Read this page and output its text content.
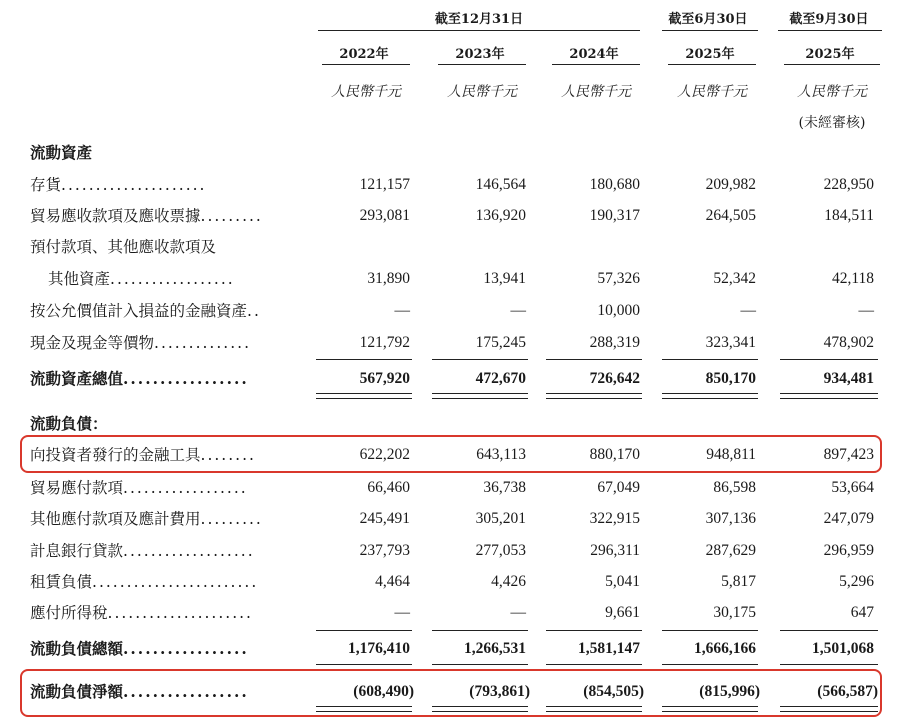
截至12月31日	截至6月30日	截至9月30日
2022年	2023年	2024年	2025年	2025年
人民幣千元	人民幣千元	人民幣千元	人民幣千元	人民幣千元
(未經審核)
流動資產
存貨.....................	121,157	146,564	180,680	209,982	228,950
貿易應收款項及應收票據.........	293,081	136,920	190,317	264,505	184,511
預付款項、其他應收款項及
其他資產..................	31,890	13,941	57,326	52,342	42,118
按公允價值計入損益的金融資產..	—	—	10,000	—	—
現金及現金等價物..............	121,792	175,245	288,319	323,341	478,902
流動資產總值.................	567,920	472,670	726,642	850,170	934,481
流動負債：
向投資者發行的金融工具........	622,202	643,113	880,170	948,811	897,423
貿易應付款項..................	66,460	36,738	67,049	86,598	53,664
其他應付款項及應計費用.........	245,491	305,201	322,915	307,136	247,079
計息銀行貸款...................	237,793	277,053	296,311	287,629	296,959
租賃負債........................	4,464	4,426	5,041	5,817	5,296
應付所得稅.....................	—	—	9,661	30,175	647
流動負債總額.................	1,176,410	1,266,531	1,581,147	1,666,166	1,501,068
流動負債淨額.................	(608,490)	(793,861)	(854,505)	(815,996)	(566,587)
